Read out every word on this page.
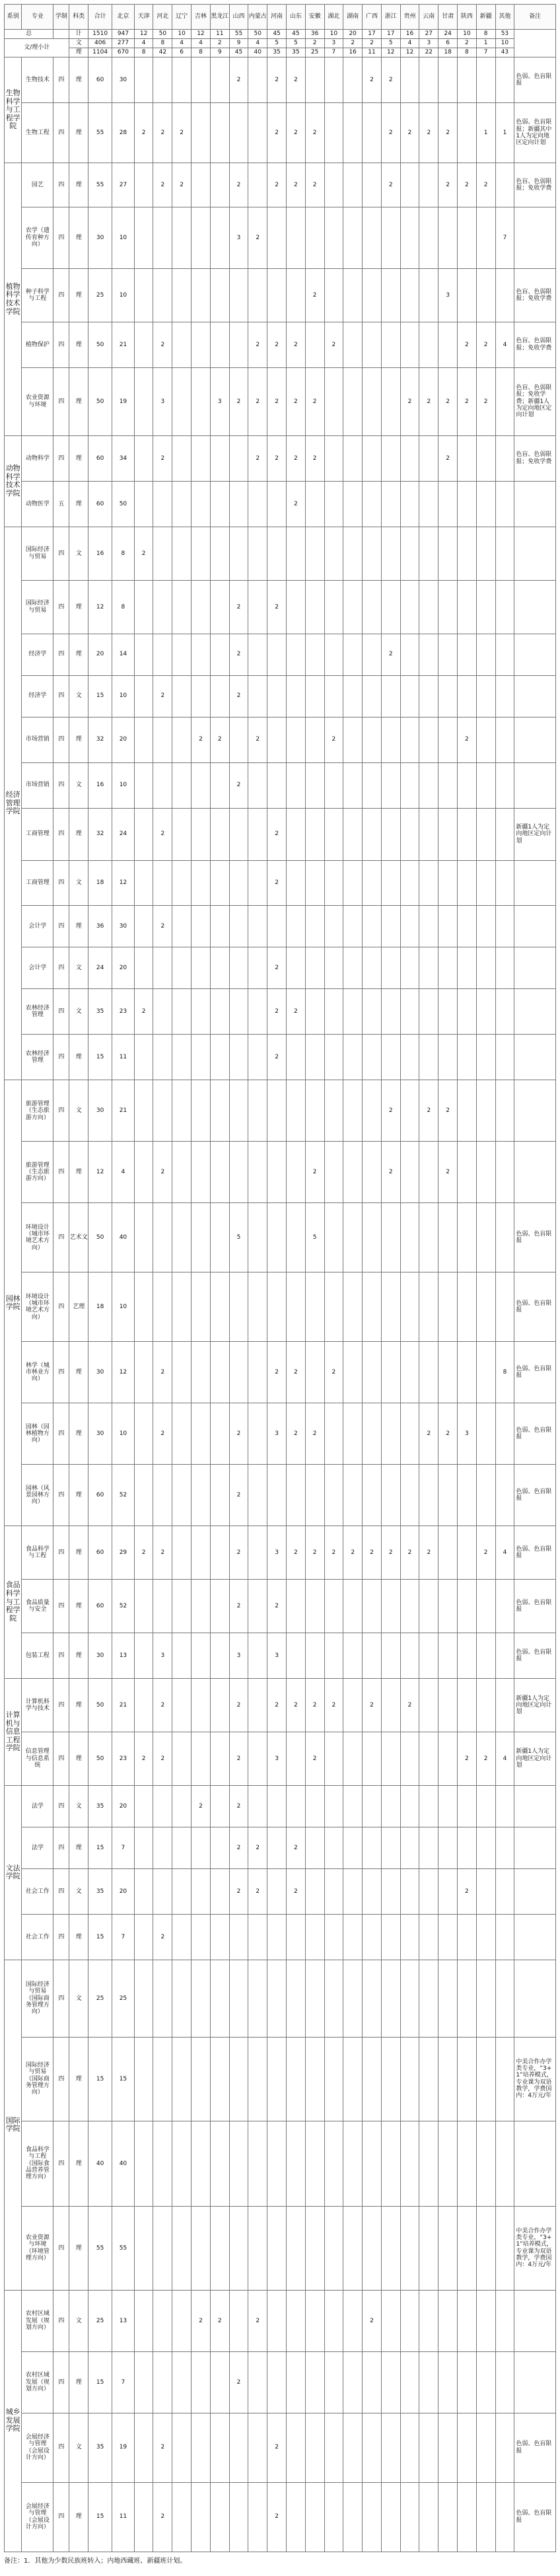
系别	专业	学制	科类	合计	北京	天津	河北	辽宁	吉林	黑龙江	山西	内蒙古	河南	山东	安徽	湖北	湖南	广西	浙江	贵州	云南	甘肃	陕西	新疆	其他	备注
总			计	1510	947	12	50	10	12	11	55	50	45	45	36	10	20	17	17	16	27	24	10	8	53	
文/理小计			文	406	277	4	8	4	4	2	9	4	5	5	2	3	2	2	5	4	3	6	2	1	10	
			理	1104	670	8	42	6	8	9	45	40	35	35	25	7	16	11	12	12	22	18	8	7	43	
生物科学与工程学院	生物技术	四	理	60	30						2		2	2				2	2							色弱、色盲限报
	生物工程	四	理	55	28	2	2	2					2	2	2				2	2	2	2		1	1	色弱、色盲限报；新疆其中1人为定向地区定向计划
植物科学技术学院	园艺	四	理	55	27		2	2			2		2	2	2				2			2	2	2		色盲、色弱限报；免收学费
	农学（遗传育种方向）	四	理	30	10						3	2													7	
	种子科学与工程	四	理	25	10										2							3				色盲、色弱限报；免收学费
	植物保护	四	理	50	21		2					2	2	2		2							2	2	4	色盲、色弱限报；免收学费
	农业资源与环境	四	理	50	19		3			3	2	2	2	2	2					2	2	2	2	2		色盲、色弱限报；免收学费；新疆1人为定向地区定向计划
动物科学技术学院	动物科学	四	理	60	34		2					2	2	2	2							2				色盲、色弱限报；免收学费
	动物医学	五	理	60	50									2												
经济管理学院	国际经济与贸易	四	文	16	8	2																				
	国际经济与贸易	四	理	12	8						2		2													
	经济学	四	理	20	14						2								2							
	经济学	四	文	15	10		2				2															
	市场营销	四	理	32	20				2	2		2				2							2			
	市场营销	四	文	16	10						2															
	工商管理	四	理	32	24		2						2													新疆1人为定向地区定向计划
	工商管理	四	文	18	12								2													
	会计学	四	理	36	30		2																			
	会计学	四	文	24	20								2													
	农林经济管理	四	文	35	23	2							2	2												
	农林经济管理	四	理	15	11								2													
园林学院	旅游管理（生态旅游方向）	四	文	30	21														2		2	2				
	旅游管理（生态旅游方向）	四	理	12	4		2								2				2			2				
	环境设计（城市环境艺术方向）	四	艺术文	50	40						5				5											色弱、色盲限报
	环境设计（城市环境艺术方向）	四	艺理	18	10																					色弱、色盲限报
	林学（城市林业方向）	四	理	30	12		2						2	2		2									8	色弱、色盲限报
	园林（园林植物方向）	四	理	30	10		2				2		3	2	2						2	2	3			色弱、色盲限报
	园林（风景园林方向）	四	理	60	52						2															色弱、色盲限报
食品科学与工程学院	食品科学与工程	四	理	60	29	2	2				2		3	2	2	2	2	2	2	2	2			2	4	色弱、色盲限报
	食品质量与安全	四	理	60	52						2		2													色弱、色盲限报
	包装工程	四	理	30	13		3				3		3													色弱、色盲限报
计算机与信息工程学院	计算机科学与技术	四	理	50	21		2				2		2	2	2	2		2		2						新疆1人为定向地区定向计划
	信息管理与信息系统	四	理	50	23	2	2				2		3		2								2	2	4	新疆1人为定向地区定向计划
文法学院	法学	四	文	35	20				2		2															
	法学	四	理	15	7						2	2		2												
	社会工作	四	文	35	20						2	2		2									2			
	社会工作	四	理	15	7		2																			
国际学院	国际经济与贸易（国际商务管理方向）	四	文	25	25																					
	国际经济与贸易（国际商务管理方向）	四	理	15	15																					中美合作办学类专业，“3+1”培养模式，专业课为双语教学，学费国内：4万元/年
	食品科学与工程（国际食品营养管理方向）	四	理	40	40																					
	农业资源与环境（环境管理方向）	四	理	55	55																					中美合作办学类专业，“3+1”培养模式，专业课为双语教学，学费国内：4万元/年
城乡发展学院	农村区域发展（规划方向）	四	文	25	13				2	2		2						2								
	农村区域发展（规划方向）	四	理	15	7						2															
	会展经济与管理（会展设计方向）	四	文	35	19		2						2													色弱、色盲限报
	会展经济与管理（会展设计方向）	四	理	15	11		2						2													色弱、色盲限报
备注：1．其他为少数民族班转入；内地西藏班、新疆班计划。
